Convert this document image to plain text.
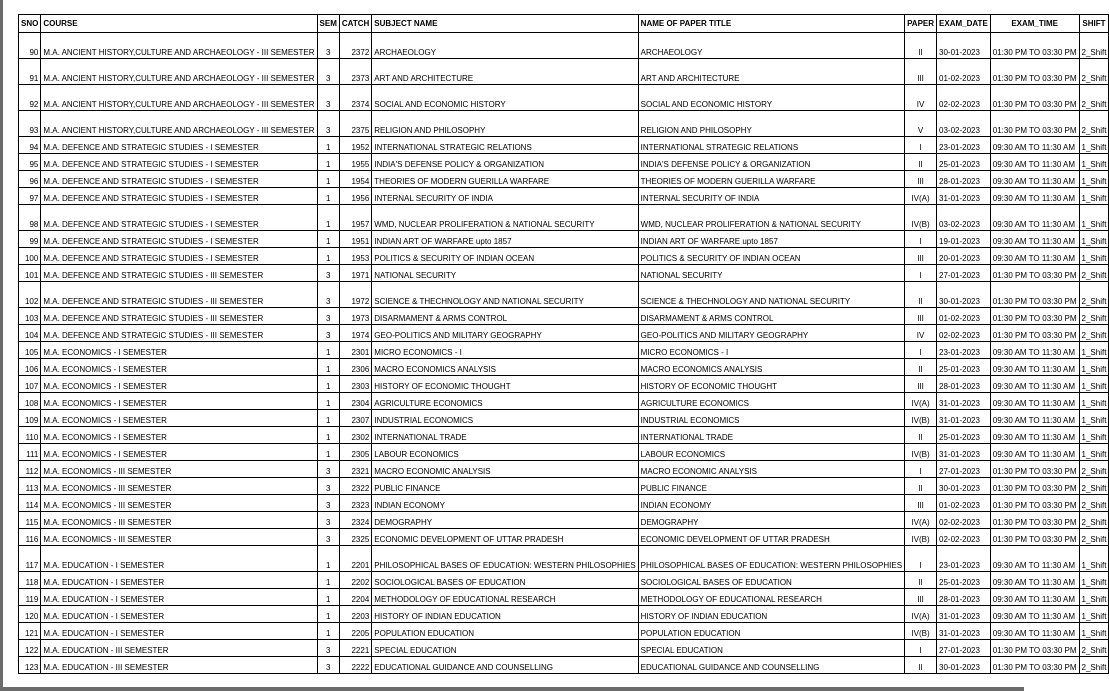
SNO	COURSE	SEM	CATCH	SUBJECT NAME	NAME OF PAPER TITLE	PAPER	EXAM_DATE	EXAM_TIME	SHIFT
90	M.A. ANCIENT HISTORY,CULTURE AND ARCHAEOLOGY - III SEMESTER	3	2372	ARCHAEOLOGY	ARCHAEOLOGY	II	30-01-2023	01:30 PM TO 03:30 PM	2_Shift
91	M.A. ANCIENT HISTORY,CULTURE AND ARCHAEOLOGY - III SEMESTER	3	2373	ART AND ARCHITECTURE	ART AND ARCHITECTURE	III	01-02-2023	01:30 PM TO 03:30 PM	2_Shift
92	M.A. ANCIENT HISTORY,CULTURE AND ARCHAEOLOGY - III SEMESTER	3	2374	SOCIAL AND ECONOMIC HISTORY	SOCIAL AND ECONOMIC HISTORY	IV	02-02-2023	01:30 PM TO 03:30 PM	2_Shift
93	M.A. ANCIENT HISTORY,CULTURE AND ARCHAEOLOGY - III SEMESTER	3	2375	RELIGION AND PHILOSOPHY	RELIGION AND PHILOSOPHY	V	03-02-2023	01:30 PM TO 03:30 PM	2_Shift
94	M.A. DEFENCE AND STRATEGIC STUDIES - I SEMESTER	1	1952	INTERNATIONAL STRATEGIC RELATIONS	INTERNATIONAL STRATEGIC RELATIONS	I	23-01-2023	09:30 AM TO 11:30 AM	1_Shift
95	M.A. DEFENCE AND STRATEGIC STUDIES - I SEMESTER	1	1955	INDIA'S DEFENSE POLICY & ORGANIZATION	INDIA'S DEFENSE POLICY & ORGANIZATION	II	25-01-2023	09:30 AM TO 11:30 AM	1_Shift
96	M.A. DEFENCE AND STRATEGIC STUDIES - I SEMESTER	1	1954	THEORIES OF MODERN GUERILLA WARFARE	THEORIES OF MODERN GUERILLA WARFARE	III	28-01-2023	09:30 AM TO 11:30 AM	1_Shift
97	M.A. DEFENCE AND STRATEGIC STUDIES - I SEMESTER	1	1956	INTERNAL SECURITY OF INDIA	INTERNAL SECURITY OF INDIA	IV(A)	31-01-2023	09:30 AM TO 11:30 AM	1_Shift
98	M.A. DEFENCE AND STRATEGIC STUDIES - I SEMESTER	1	1957	WMD, NUCLEAR PROLIFERATION & NATIONAL SECURITY	WMD, NUCLEAR PROLIFERATION & NATIONAL SECURITY	IV(B)	03-02-2023	09:30 AM TO 11:30 AM	1_Shift
99	M.A. DEFENCE AND STRATEGIC STUDIES - I SEMESTER	1	1951	INDIAN ART OF WARFARE upto 1857	INDIAN ART OF WARFARE upto 1857	I	19-01-2023	09:30 AM TO 11:30 AM	1_Shift
100	M.A. DEFENCE AND STRATEGIC STUDIES - I SEMESTER	1	1953	POLITICS & SECURITY OF INDIAN OCEAN	POLITICS & SECURITY OF INDIAN OCEAN	III	20-01-2023	09:30 AM TO 11:30 AM	1_Shift
101	M.A. DEFENCE AND STRATEGIC STUDIES - III SEMESTER	3	1971	NATIONAL SECURITY	NATIONAL SECURITY	I	27-01-2023	01:30 PM TO 03:30 PM	2_Shift
102	M.A. DEFENCE AND STRATEGIC STUDIES - III SEMESTER	3	1972	SCIENCE & THECHNOLOGY AND NATIONAL SECURITY	SCIENCE & THECHNOLOGY AND NATIONAL SECURITY	II	30-01-2023	01:30 PM TO 03:30 PM	2_Shift
103	M.A. DEFENCE AND STRATEGIC STUDIES - III SEMESTER	3	1973	DISARMAMENT & ARMS CONTROL	DISARMAMENT & ARMS CONTROL	III	01-02-2023	01:30 PM TO 03:30 PM	2_Shift
104	M.A. DEFENCE AND STRATEGIC STUDIES - III SEMESTER	3	1974	GEO-POLITICS AND MILITARY GEOGRAPHY	GEO-POLITICS AND MILITARY GEOGRAPHY	IV	02-02-2023	01:30 PM TO 03:30 PM	2_Shift
105	M.A. ECONOMICS - I SEMESTER	1	2301	MICRO ECONOMICS - I	MICRO ECONOMICS - I	I	23-01-2023	09:30 AM TO 11:30 AM	1_Shift
106	M.A. ECONOMICS - I SEMESTER	1	2306	MACRO ECONOMICS ANALYSIS	MACRO ECONOMICS ANALYSIS	II	25-01-2023	09:30 AM TO 11:30 AM	1_Shift
107	M.A. ECONOMICS - I SEMESTER	1	2303	HISTORY OF ECONOMIC THOUGHT	HISTORY OF ECONOMIC THOUGHT	III	28-01-2023	09:30 AM TO 11:30 AM	1_Shift
108	M.A. ECONOMICS - I SEMESTER	1	2304	AGRICULTURE ECONOMICS	AGRICULTURE ECONOMICS	IV(A)	31-01-2023	09:30 AM TO 11:30 AM	1_Shift
109	M.A. ECONOMICS - I SEMESTER	1	2307	INDUSTRIAL ECONOMICS	INDUSTRIAL ECONOMICS	IV(B)	31-01-2023	09:30 AM TO 11:30 AM	1_Shift
110	M.A. ECONOMICS - I SEMESTER	1	2302	INTERNATIONAL TRADE	INTERNATIONAL TRADE	II	25-01-2023	09:30 AM TO 11:30 AM	1_Shift
111	M.A. ECONOMICS - I SEMESTER	1	2305	LABOUR ECONOMICS	LABOUR ECONOMICS	IV(B)	31-01-2023	09:30 AM TO 11:30 AM	1_Shift
112	M.A. ECONOMICS - III SEMESTER	3	2321	MACRO ECONOMIC ANALYSIS	MACRO ECONOMIC ANALYSIS	I	27-01-2023	01:30 PM TO 03:30 PM	2_Shift
113	M.A. ECONOMICS - III SEMESTER	3	2322	PUBLIC FINANCE	PUBLIC FINANCE	II	30-01-2023	01:30 PM TO 03:30 PM	2_Shift
114	M.A. ECONOMICS - III SEMESTER	3	2323	INDIAN ECONOMY	INDIAN ECONOMY	III	01-02-2023	01:30 PM TO 03:30 PM	2_Shift
115	M.A. ECONOMICS - III SEMESTER	3	2324	DEMOGRAPHY	DEMOGRAPHY	IV(A)	02-02-2023	01:30 PM TO 03:30 PM	2_Shift
116	M.A. ECONOMICS - III SEMESTER	3	2325	ECONOMIC DEVELOPMENT OF UTTAR PRADESH	ECONOMIC DEVELOPMENT OF UTTAR PRADESH	IV(B)	02-02-2023	01:30 PM TO 03:30 PM	2_Shift
117	M.A. EDUCATION - I SEMESTER	1	2201	PHILOSOPHICAL BASES OF EDUCATION: WESTERN PHILOSOPHIES	PHILOSOPHICAL BASES OF EDUCATION: WESTERN PHILOSOPHIES	I	23-01-2023	09:30 AM TO 11:30 AM	1_Shift
118	M.A. EDUCATION - I SEMESTER	1	2202	SOCIOLOGICAL BASES OF EDUCATION	SOCIOLOGICAL BASES OF EDUCATION	II	25-01-2023	09:30 AM TO 11:30 AM	1_Shift
119	M.A. EDUCATION - I SEMESTER	1	2204	METHODOLOGY OF EDUCATIONAL RESEARCH	METHODOLOGY OF EDUCATIONAL RESEARCH	III	28-01-2023	09:30 AM TO 11:30 AM	1_Shift
120	M.A. EDUCATION - I SEMESTER	1	2203	HISTORY OF INDIAN EDUCATION	HISTORY OF INDIAN EDUCATION	IV(A)	31-01-2023	09:30 AM TO 11:30 AM	1_Shift
121	M.A. EDUCATION - I SEMESTER	1	2205	POPULATION EDUCATION	POPULATION EDUCATION	IV(B)	31-01-2023	09:30 AM TO 11:30 AM	1_Shift
122	M.A. EDUCATION - III SEMESTER	3	2221	SPECIAL EDUCATION	SPECIAL EDUCATION	I	27-01-2023	01:30 PM TO 03:30 PM	2_Shift
123	M.A. EDUCATION - III SEMESTER	3	2222	EDUCATIONAL GUIDANCE AND COUNSELLING	EDUCATIONAL GUIDANCE AND COUNSELLING	II	30-01-2023	01:30 PM TO 03:30 PM	2_Shift
